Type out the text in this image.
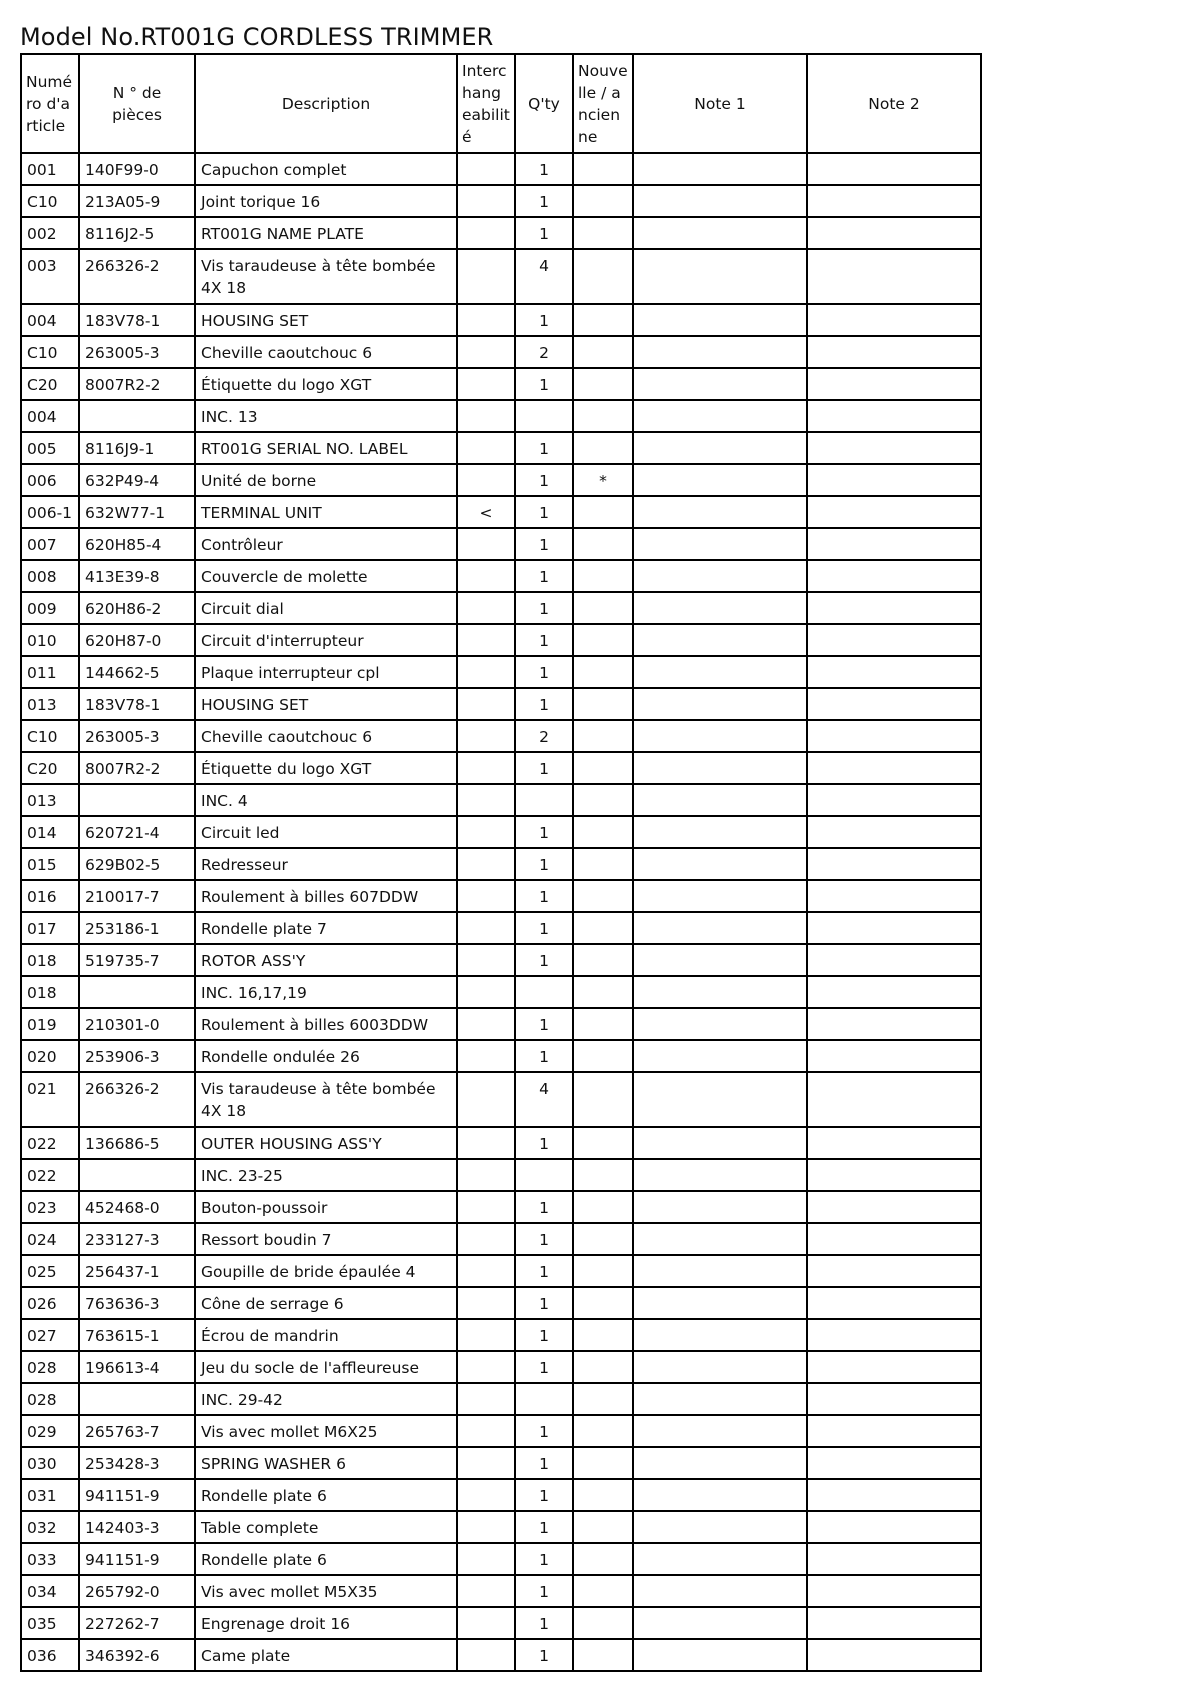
Model No.RT001G CORDLESS TRIMMER
Numéro d'article	N ° de pièces	Description	Interchangeabilité	Q'ty	Nouvelle / ancienne	Note 1	Note 2
001	140F99-0	Capuchon complet		1			
C10	213A05-9	Joint torique 16		1			
002	8116J2-5	RT001G NAME PLATE		1			
003	266326-2	Vis taraudeuse à tête bombée 4X 18		4			
004	183V78-1	HOUSING SET		1			
C10	263005-3	Cheville caoutchouc 6		2			
C20	8007R2-2	Étiquette du logo XGT		1			
004		INC. 13					
005	8116J9-1	RT001G SERIAL NO. LABEL		1			
006	632P49-4	Unité de borne		1	*		
006-1	632W77-1	TERMINAL UNIT	<	1			
007	620H85-4	Contrôleur		1			
008	413E39-8	Couvercle de molette		1			
009	620H86-2	Circuit dial		1			
010	620H87-0	Circuit d'interrupteur		1			
011	144662-5	Plaque interrupteur cpl		1			
013	183V78-1	HOUSING SET		1			
C10	263005-3	Cheville caoutchouc 6		2			
C20	8007R2-2	Étiquette du logo XGT		1			
013		INC. 4					
014	620721-4	Circuit led		1			
015	629B02-5	Redresseur		1			
016	210017-7	Roulement à billes 607DDW		1			
017	253186-1	Rondelle plate 7		1			
018	519735-7	ROTOR ASS'Y		1			
018		INC. 16,17,19					
019	210301-0	Roulement à billes 6003DDW		1			
020	253906-3	Rondelle ondulée 26		1			
021	266326-2	Vis taraudeuse à tête bombée 4X 18		4			
022	136686-5	OUTER HOUSING ASS'Y		1			
022		INC. 23-25					
023	452468-0	Bouton-poussoir		1			
024	233127-3	Ressort boudin 7		1			
025	256437-1	Goupille de bride épaulée 4		1			
026	763636-3	Cône de serrage 6		1			
027	763615-1	Écrou de mandrin		1			
028	196613-4	Jeu du socle de l'affleureuse		1			
028		INC. 29-42					
029	265763-7	Vis avec mollet M6X25		1			
030	253428-3	SPRING WASHER 6		1			
031	941151-9	Rondelle plate 6		1			
032	142403-3	Table complete		1			
033	941151-9	Rondelle plate 6		1			
034	265792-0	Vis avec mollet M5X35		1			
035	227262-7	Engrenage droit 16		1			
036	346392-6	Came plate		1			
